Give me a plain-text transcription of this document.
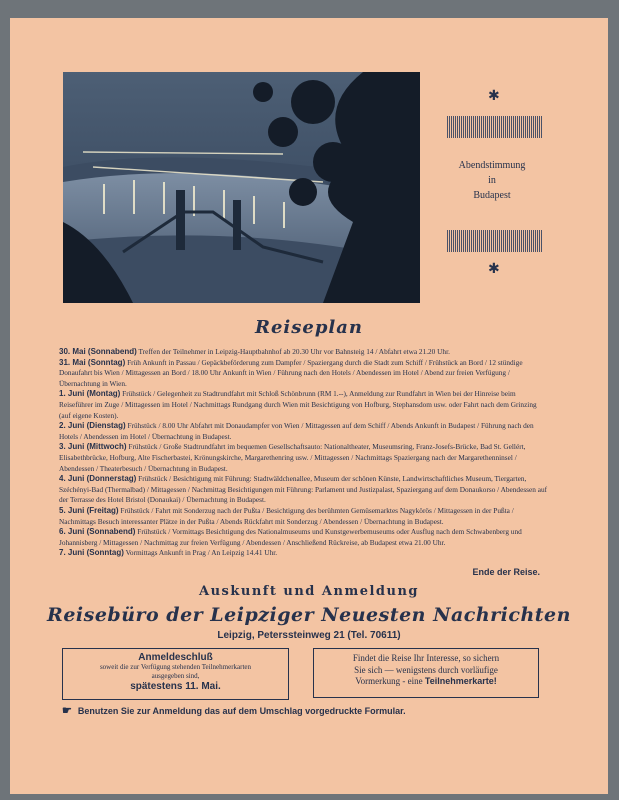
✱
Abendstimmung
in
Budapest
✱
Reiseplan
30. Mai (Sonnabend) Treffen der Teilnehmer in Leipzig-Hauptbahnhof ab 20.30 Uhr vor Bahnsteig 14 / Abfahrt etwa 21.20 Uhr.
31. Mai (Sonntag) Früh Ankunft in Passau / Gepäckbeförderung zum Dampfer / Spaziergang durch die Stadt zum Schiff / Frühstück an Bord / 12 stündige Donaufahrt bis Wien / Mittagessen an Bord / 18.00 Uhr Ankunft in Wien / Führung nach den Hotels / Abendessen im Hotel / Abend zur freien Verfügung / Übernachtung in Wien.
1. Juni (Montag) Frühstück / Gelegenheit zu Stadtrundfahrt mit Schloß Schönbrunn (RM 1.--), Anmeldung zur Rundfahrt in Wien bei der Hinreise beim Reiseführer im Zuge / Mittagessen im Hotel / Nachmittags Rundgang durch Wien mit Besichtigung von Hofburg, Stephansdom usw. oder Fahrt nach dem Grinzing (auf eigene Kosten).
2. Juni (Dienstag) Frühstück / 8.00 Uhr Abfahrt mit Donaudampfer von Wien / Mittagessen auf dem Schiff / Abends Ankunft in Budapest / Führung nach den Hotels / Abendessen im Hotel / Übernachtung in Budapest.
3. Juni (Mittwoch) Frühstück / Große Stadtrundfahrt im bequemen Gesellschaftsauto: Nationaltheater, Museumsring, Franz-Josefs-Brücke, Bad St. Gellért, Elisabethbrücke, Hofburg, Alte Fischerbastei, Krönungskirche, Margarethenring usw. / Mittagessen / Nachmittags Spaziergang nach der Margarethenninsel / Abendessen / Theaterbesuch / Übernachtung in Budapest.
4. Juni (Donnerstag) Frühstück / Besichtigung mit Führung: Stadtwäldchenallee, Museum der schönen Künste, Landwirtschaftliches Museum, Tiergarten, Széchényi-Bad (Thermalbad) / Mittagessen / Nachmittag Besichtigungen mit Führung: Parlament und Justizpalast, Spaziergang auf dem Donaukorso / Abendessen auf der Terrasse des Hotel Bristol (Donaukai) / Übernachtung in Budapest.
5. Juni (Freitag) Frühstück / Fahrt mit Sonderzug nach der Pußta / Besichtigung des berühmten Gemüsemarktes Nagykörös / Mittagessen in der Pußta / Nachmittags Besuch interessanter Plätze in der Pußta / Abends Rückfahrt mit Sonderzug / Abendessen / Übernachtung in Budapest.
6. Juni (Sonnabend) Frühstück / Vormittags Besichtigung des Nationalmuseums und Kunstgewerbemuseums oder Ausflug nach dem Schwabenberg und Johannisberg / Mittagessen / Nachmittag zur freien Verfügung / Abendessen / Anschließend Rückreise, ab Budapest etwa 21.00 Uhr.
7. Juni (Sonntag) Vormittags Ankunft in Prag / An Leipzig 14.41 Uhr.
Ende der Reise.
Auskunft und Anmeldung
Reisebüro der Leipziger Neuesten Nachrichten
Leipzig, Peterssteinweg 21 (Tel. 70611)
Anmeldeschluß
soweit die zur Verfügung stehenden Teilnehmerkarten
ausgegeben sind,
spätestens 11. Mai.
Findet die Reise Ihr Interesse, so sichern
Sie sich — wenigstens durch vorläufige
Vormerkung - eine Teilnehmerkarte!
☛ Benutzen Sie zur Anmeldung das auf dem Umschlag vorgedruckte Formular.
